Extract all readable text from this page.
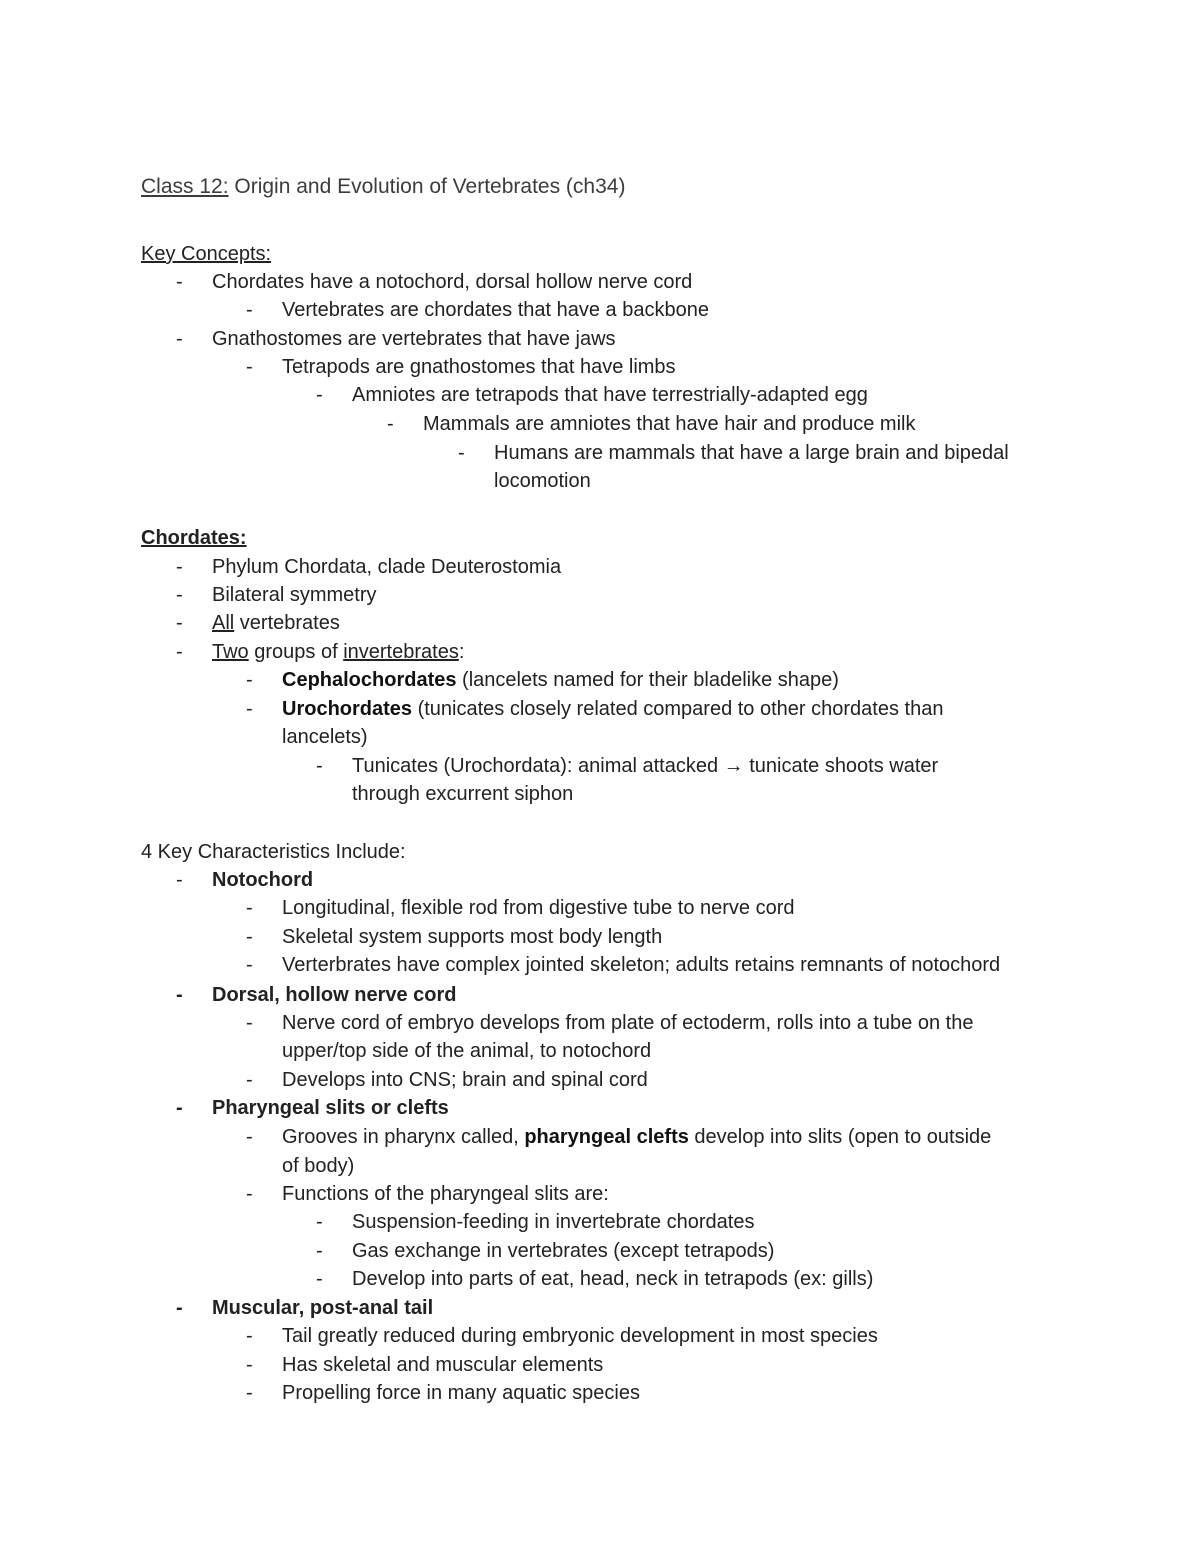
Class 12: Origin and Evolution of Vertebrates (ch34)
Key Concepts:
- Chordates have a notochord, dorsal hollow nerve cord
- Vertebrates are chordates that have a backbone
- Gnathostomes are vertebrates that have jaws
- Tetrapods are gnathostomes that have limbs
- Amniotes are tetrapods that have terrestrially-adapted egg
- Mammals are amniotes that have hair and produce milk
- Humans are mammals that have a large brain and bipedal
locomotion
Chordates:
- Phylum Chordata, clade Deuterostomia
- Bilateral symmetry
- All vertebrates
- Two groups of invertebrates:
- Cephalochordates (lancelets named for their bladelike shape)
- Urochordates (tunicates closely related compared to other chordates than
lancelets)
- Tunicates (Urochordata): animal attacked → tunicate shoots water
through excurrent siphon
4 Key Characteristics Include:
- Notochord
- Longitudinal, flexible rod from digestive tube to nerve cord
- Skeletal system supports most body length
- Verterbrates have complex jointed skeleton; adults retains remnants of notochord
- Dorsal, hollow nerve cord
- Nerve cord of embryo develops from plate of ectoderm, rolls into a tube on the
upper/top side of the animal, to notochord
- Develops into CNS; brain and spinal cord
- Pharyngeal slits or clefts
- Grooves in pharynx called, pharyngeal clefts develop into slits (open to outside
of body)
- Functions of the pharyngeal slits are:
- Suspension-feeding in invertebrate chordates
- Gas exchange in vertebrates (except tetrapods)
- Develop into parts of eat, head, neck in tetrapods (ex: gills)
- Muscular, post-anal tail
- Tail greatly reduced during embryonic development in most species
- Has skeletal and muscular elements
- Propelling force in many aquatic species
